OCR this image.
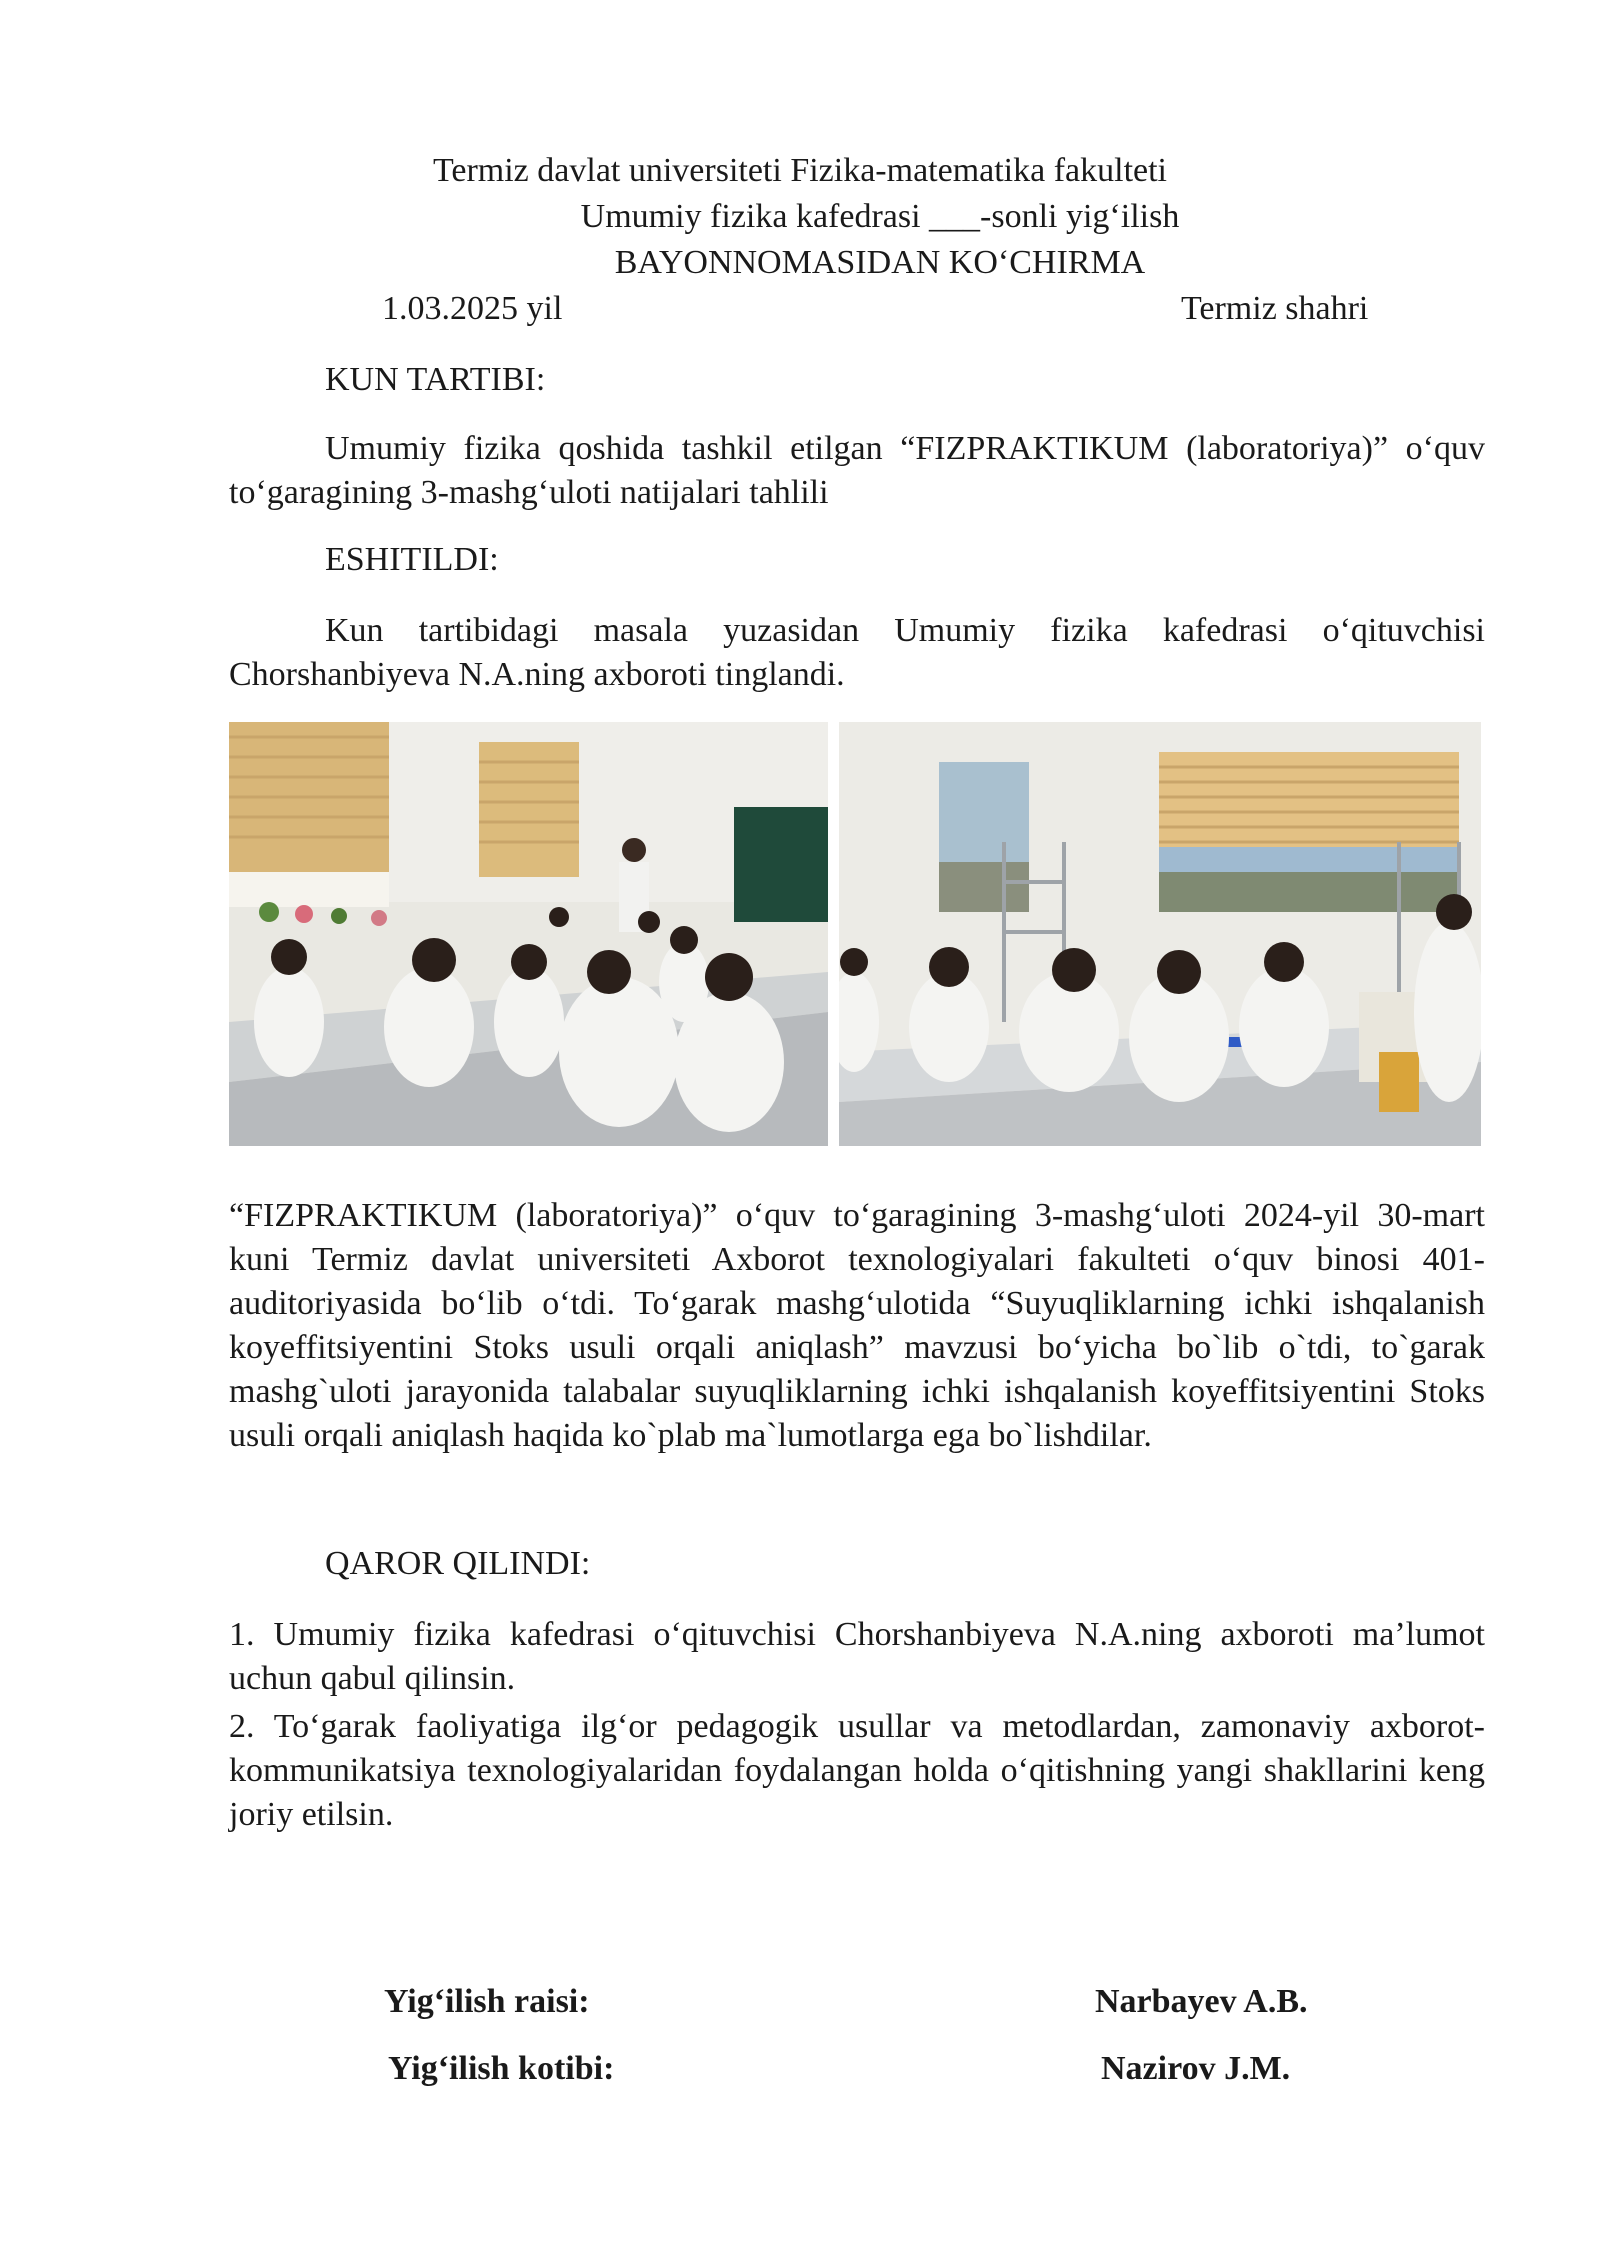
Termiz davlat universiteti Fizika-matematika fakulteti
Umumiy fizika kafedrasi ___-sonli yig‘ilish
BAYONNOMASIDAN KO‘CHIRMA
1.03.2025 yil	Termiz shahri
KUN TARTIBI:

Umumiy fizika qoshida tashkil etilgan “FIZPRAKTIKUM (laboratoriya)” o‘quv to‘garagining 3-mashg‘uloti natijalari tahlili

ESHITILDI:

Kun tartibidagi masala yuzasidan Umumiy fizika kafedrasi o‘qituvchisi Chorshanbiyeva N.A.ning axboroti tinglandi.

“FIZPRAKTIKUM (laboratoriya)” o‘quv to‘garagining 3-mashg‘uloti 2024-yil 30-mart kuni Termiz davlat universiteti Axborot texnologiyalari fakulteti o‘quv binosi 401-auditoriyasida bo‘lib o‘tdi. To‘garak mashg‘ulotida “Suyuqliklarning ichki ishqalanish koyeffitsiyentini Stoks usuli orqali aniqlash” mavzusi bo‘yicha bo`lib o`tdi, to`garak mashg`uloti jarayonida talabalar suyuqliklarning ichki ishqalanish koyeffitsiyentini Stoks usuli orqali aniqlash haqida ko`plab ma`lumotlarga ega bo`lishdilar.

QAROR QILINDI:

1. Umumiy fizika kafedrasi o‘qituvchisi Chorshanbiyeva N.A.ning axboroti ma’lumot uchun qabul qilinsin.

2. To‘garak faoliyatiga ilg‘or pedagogik usullar va metodlardan, zamonaviy axborot-kommunikatsiya texnologiyalaridan foydalangan holda o‘qitishning yangi shakllarini keng joriy etilsin.

Yig‘ilish raisi:	Narbayev A.B.
Yig‘ilish kotibi:	Nazirov J.M.
